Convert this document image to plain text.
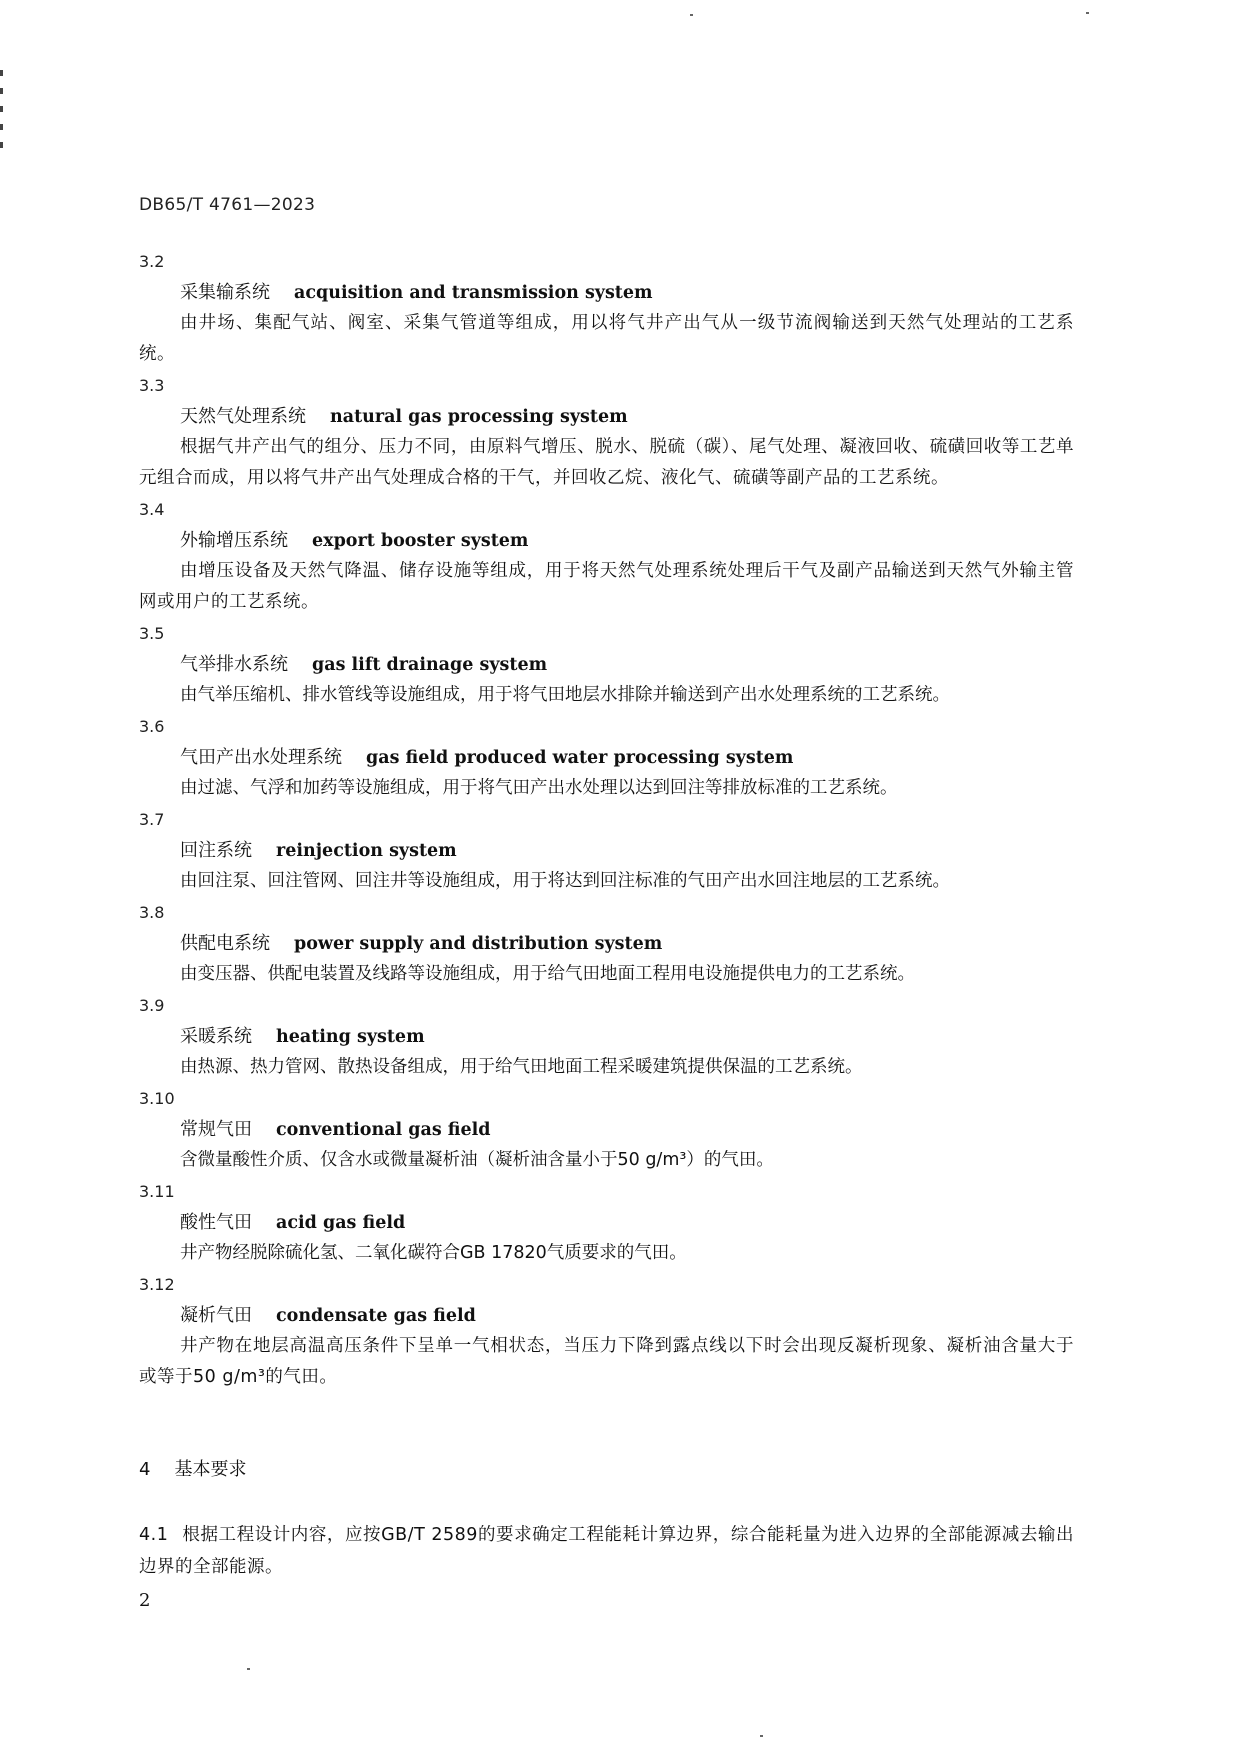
DB65/T 4761—2023
3.2
采集输系统 acquisition and transmission system
由井场、集配气站、阀室、采集气管道等组成，用以将气井产出气从一级节流阀输送到天然气处理站的工艺系统。
3.3
天然气处理系统 natural gas processing system
根据气井产出气的组分、压力不同，由原料气增压、脱水、脱硫（碳）、尾气处理、凝液回收、硫磺回收等工艺单元组合而成，用以将气井产出气处理成合格的干气，并回收乙烷、液化气、硫磺等副产品的工艺系统。
3.4
外输增压系统 export booster system
由增压设备及天然气降温、储存设施等组成，用于将天然气处理系统处理后干气及副产品输送到天然气外输主管网或用户的工艺系统。
3.5
气举排水系统 gas lift drainage system
由气举压缩机、排水管线等设施组成，用于将气田地层水排除并输送到产出水处理系统的工艺系统。
3.6
气田产出水处理系统 gas field produced water processing system
由过滤、气浮和加药等设施组成，用于将气田产出水处理以达到回注等排放标准的工艺系统。
3.7
回注系统 reinjection system
由回注泵、回注管网、回注井等设施组成，用于将达到回注标准的气田产出水回注地层的工艺系统。
3.8
供配电系统 power supply and distribution system
由变压器、供配电装置及线路等设施组成，用于给气田地面工程用电设施提供电力的工艺系统。
3.9
采暖系统 heating system
由热源、热力管网、散热设备组成，用于给气田地面工程采暖建筑提供保温的工艺系统。
3.10
常规气田 conventional gas field
含微量酸性介质、仅含水或微量凝析油（凝析油含量小于50 g/m³）的气田。
3.11
酸性气田 acid gas field
井产物经脱除硫化氢、二氧化碳符合GB 17820气质要求的气田。
3.12
凝析气田 condensate gas field
井产物在地层高温高压条件下呈单一气相状态，当压力下降到露点线以下时会出现反凝析现象、凝析油含量大于或等于50 g/m³的气田。
4 基本要求
4.1 根据工程设计内容，应按GB/T 2589的要求确定工程能耗计算边界，综合能耗量为进入边界的全部能源减去输出边界的全部能源。
2
